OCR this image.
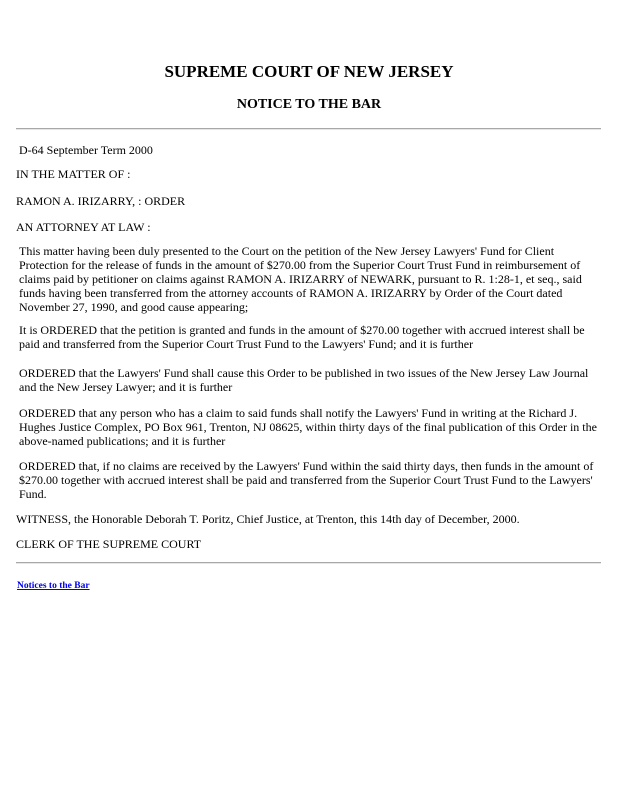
SUPREME COURT OF NEW JERSEY
NOTICE TO THE BAR

D-64 September Term 2000

IN THE MATTER OF :

RAMON A. IRIZARRY, : ORDER

AN ATTORNEY AT LAW :

This matter having been duly presented to the Court on the petition of the New Jersey Lawyers' Fund for Client Protection for the release of funds in the amount of $270.00 from the Superior Court Trust Fund in reimbursement of claims paid by petitioner on claims against RAMON A. IRIZARRY of NEWARK, pursuant to R. 1:28-1, et seq., said funds having been transferred from the attorney accounts of RAMON A. IRIZARRY by Order of the Court dated November 27, 1990, and good cause appearing;

It is ORDERED that the petition is granted and funds in the amount of $270.00 together with accrued interest shall be paid and transferred from the Superior Court Trust Fund to the Lawyers' Fund; and it is further

ORDERED that the Lawyers' Fund shall cause this Order to be published in two issues of the New Jersey Law Journal and the New Jersey Lawyer; and it is further

ORDERED that any person who has a claim to said funds shall notify the Lawyers' Fund in writing at the Richard J. Hughes Justice Complex, PO Box 961, Trenton, NJ 08625, within thirty days of the final publication of this Order in the above-named publications; and it is further

ORDERED that, if no claims are received by the Lawyers' Fund within the said thirty days, then funds in the amount of $270.00 together with accrued interest shall be paid and transferred from the Superior Court Trust Fund to the Lawyers' Fund.

WITNESS, the Honorable Deborah T. Poritz, Chief Justice, at Trenton, this 14th day of December, 2000.

CLERK OF THE SUPREME COURT

Notices to the Bar
